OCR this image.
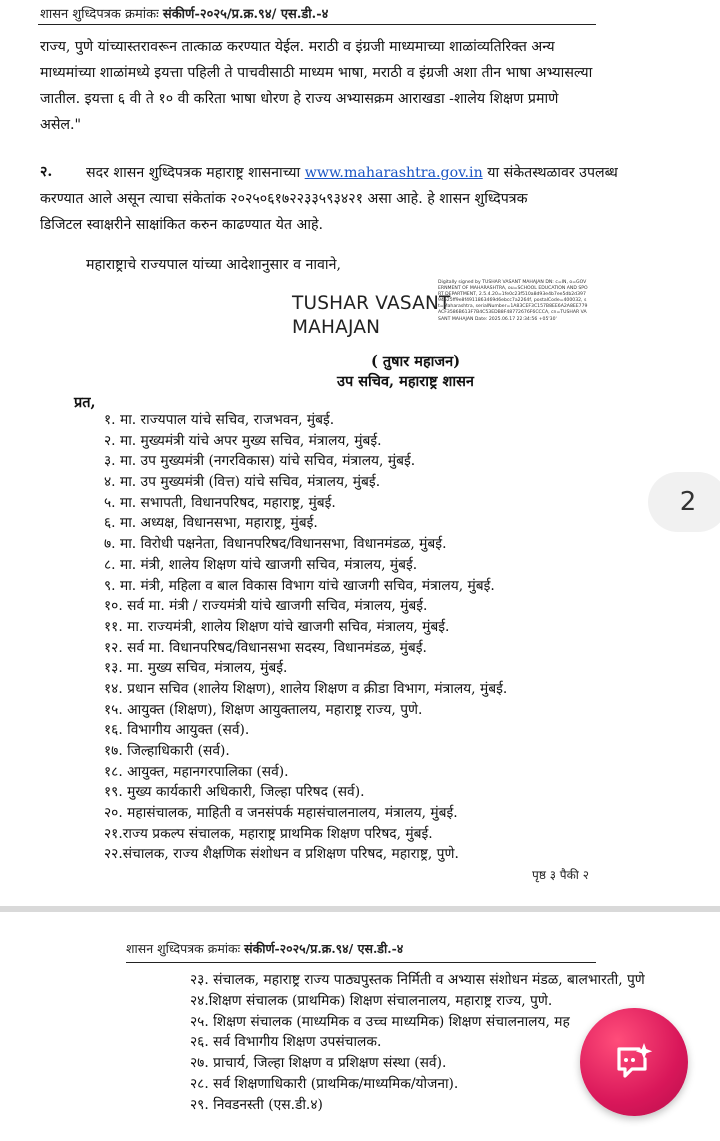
शासन शुध्दिपत्रक क्रमांकः संकीर्ण-२०२५/प्र.क्र.९४/ एस.डी.-४

राज्य, पुणे यांच्यास्तरावरून तात्काळ करण्यात येईल. मराठी व इंग्रजी माध्यमाच्या शाळांव्यतिरिक्त अन्य
माध्यमांच्या शाळांमध्ये इयत्ता पहिली ते पाचवीसाठी माध्यम भाषा, मराठी व इंग्रजी अशा तीन भाषा अभ्यासल्या
जातील. इयत्ता ६ वी ते १० वी करिता भाषा धोरण हे राज्य अभ्यासक्रम आराखडा -शालेय शिक्षण प्रमाणे
असेल."

२. सदर शासन शुध्दिपत्रक महाराष्ट्र शासनाच्या www.maharashtra.gov.in या संकेतस्थळावर उपलब्ध

करण्यात आले असून त्याचा संकेतांक २०२५०६१७२२३३५९३४२१ असा आहे. हे शासन शुध्दिपत्रक
डिजिटल स्वाक्षरीने साक्षांकित करुन काढण्यात येत आहे.

महाराष्ट्राचे राज्यपाल यांच्या आदेशानुसार व नावाने,

TUSHAR VASANT
MAHAJAN
Digitally signed by TUSHAR VASANT MAHAJAN DN: c=IN, o=GOVERNMENT OF MAHARASHTRA, ou=SCHOOL EDUCATION AND SPORT DEPARTMENT, 2.5.4.20=1fe0c23f510a8d93e4b7ee5db2d39794525ff9e8f4911863469d6ebcc7a2264f, postalCode=400032, st=Maharashtra, serialNumber=1A83CEF3C157B8EE6A2A8EE779ACF3586B613F7B4C53EDB8F48772676F6CCCA, cn=TUSHAR VASANT MAHAJAN Date: 2025.06.17 22:34:56 +05'30'
( तुषार महाजन)
उप सचिव, महाराष्ट्र शासन
प्रत,
१. मा. राज्यपाल यांचे सचिव, राजभवन, मुंबई.
२. मा. मुख्यमंत्री यांचे अपर मुख्य सचिव, मंत्रालय, मुंबई.
३. मा. उप मुख्यमंत्री (नगरविकास) यांचे सचिव, मंत्रालय, मुंबई.
४. मा. उप मुख्यमंत्री (वित्त) यांचे सचिव, मंत्रालय, मुंबई.
५. मा. सभापती, विधानपरिषद, महाराष्ट्र, मुंबई.
६. मा. अध्यक्ष, विधानसभा, महाराष्ट्र, मुंबई.
७. मा. विरोधी पक्षनेता, विधानपरिषद/विधानसभा, विधानमंडळ, मुंबई.
८. मा. मंत्री, शालेय शिक्षण यांचे खाजगी सचिव, मंत्रालय, मुंबई.
९. मा. मंत्री, महिला व बाल विकास विभाग यांचे खाजगी सचिव, मंत्रालय, मुंबई.
१०. सर्व मा. मंत्री / राज्यमंत्री यांचे खाजगी सचिव, मंत्रालय, मुंबई.
११. मा. राज्यमंत्री, शालेय शिक्षण यांचे खाजगी सचिव, मंत्रालय, मुंबई.
१२. सर्व मा. विधानपरिषद/विधानसभा सदस्य, विधानमंडळ, मुंबई.
१३. मा. मुख्य सचिव, मंत्रालय, मुंबई.
१४. प्रधान सचिव (शालेय शिक्षण), शालेय शिक्षण व क्रीडा विभाग, मंत्रालय, मुंबई.
१५. आयुक्त (शिक्षण), शिक्षण आयुक्तालय, महाराष्ट्र राज्य, पुणे.
१६. विभागीय आयुक्त (सर्व).
१७. जिल्हाधिकारी (सर्व).
१८. आयुक्त, महानगरपालिका (सर्व).
१९. मुख्य कार्यकारी अधिकारी, जिल्हा परिषद (सर्व).
२०. महासंचालक, माहिती व जनसंपर्क महासंचालनालय, मंत्रालय, मुंबई.
२१.राज्य प्रकल्प संचालक, महाराष्ट्र प्राथमिक शिक्षण परिषद, मुंबई.
२२.संचालक, राज्य शैक्षणिक संशोधन व प्रशिक्षण परिषद, महाराष्ट्र, पुणे.
पृष्ठ ३ पैकी २
2
शासन शुध्दिपत्रक क्रमांकः संकीर्ण-२०२५/प्र.क्र.९४/ एस.डी.-४
२३. संचालक, महाराष्ट्र राज्य पाठ्यपुस्तक निर्मिती व अभ्यास संशोधन मंडळ, बालभारती, पुणे
२४.शिक्षण संचालक (प्राथमिक) शिक्षण संचालनालय, महाराष्ट्र राज्य, पुणे.
२५. शिक्षण संचालक (माध्यमिक व उच्च माध्यमिक) शिक्षण संचालनालय, मह
२६. सर्व विभागीय शिक्षण उपसंचालक.
२७. प्राचार्य, जिल्हा शिक्षण व प्रशिक्षण संस्था (सर्व).
२८. सर्व शिक्षणाधिकारी (प्राथमिक/माध्यमिक/योजना).
२९. निवडनस्ती (एस.डी.४)
